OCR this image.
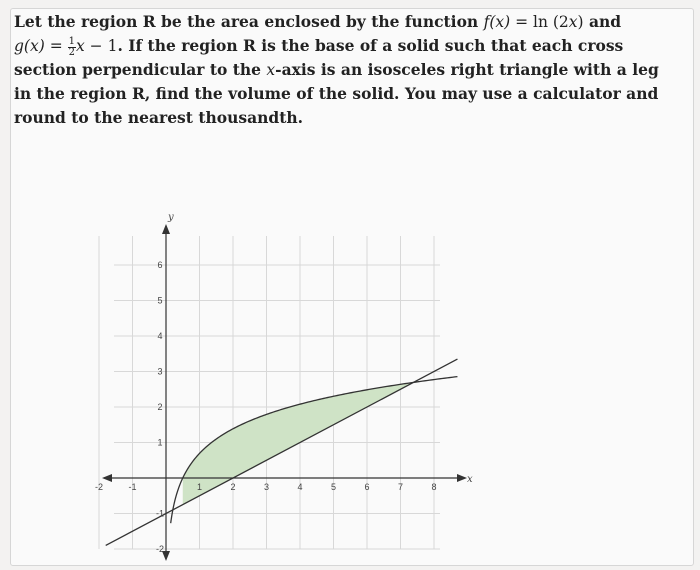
Let the region R be the area enclosed by the function f(x) = ln (2x) and
$g(x) = \frac{1}{2}$ x − 1. If the region R is the base of a solid such that each cross section perpendicular to the x-axis is an isosceles right triangle with a leg in the region R, find the volume of the solid. You may use a calculator and round to the nearest thousandth.

-2	-1	1	2	3	4	5	6	7	8
-2
-1
1
2
3
4
5
6
x
y
